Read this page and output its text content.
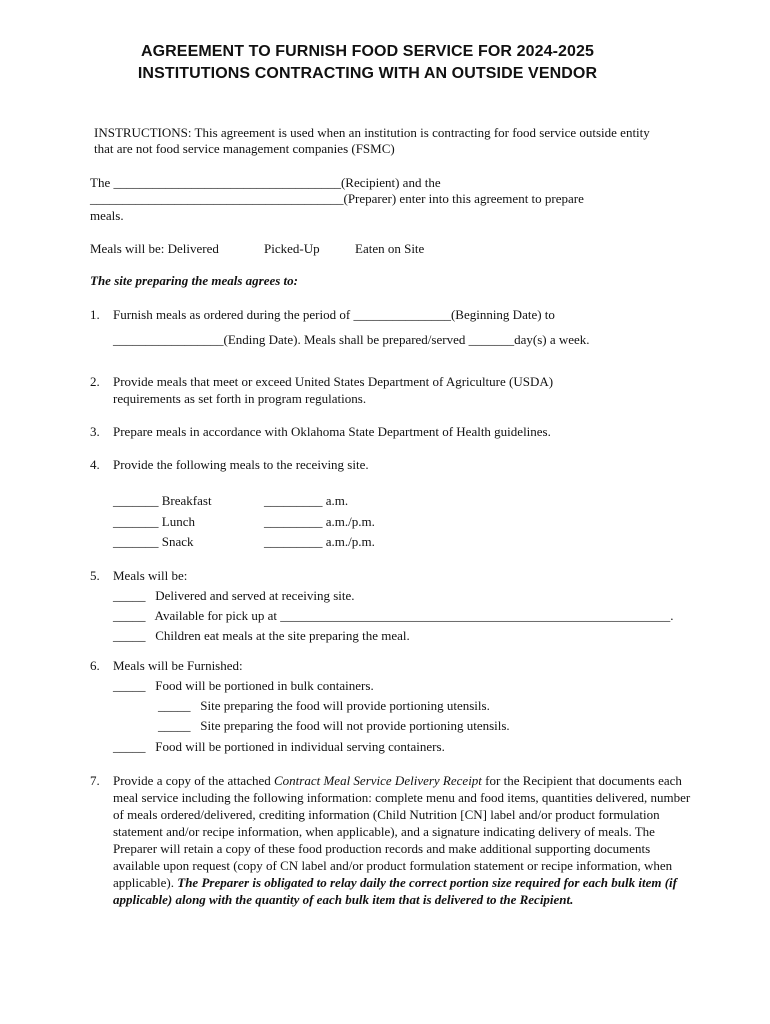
AGREEMENT TO FURNISH FOOD SERVICE FOR 2024-2025
INSTITUTIONS CONTRACTING WITH AN OUTSIDE VENDOR
INSTRUCTIONS: This agreement is used when an institution is contracting for food service outside entity
that are not food service management companies (FSMC)
The ___________________________________(Recipient) and the
_______________________________________(Preparer) enter into this agreement to prepare
meals.
Meals will be: Delivered	Picked-Up	Eaten on Site
The site preparing the meals agrees to:
1. Furnish meals as ordered during the period of _______________(Beginning Date) to
_________________(Ending Date). Meals shall be prepared/served _______day(s) a week.
2. Provide meals that meet or exceed United States Department of Agriculture (USDA)
requirements as set forth in program regulations.
3. Prepare meals in accordance with Oklahoma State Department of Health guidelines.
4. Provide the following meals to the receiving site.
_______ Breakfast	_________ a.m.
_______ Lunch	_________ a.m./p.m.
_______ Snack	_________ a.m./p.m.
5. Meals will be:
_____   Delivered and served at receiving site.
_____   Available for pick up at ____________________________________________________________.
_____   Children eat meals at the site preparing the meal.
6. Meals will be Furnished:
_____   Food will be portioned in bulk containers.
_____   Site preparing the food will provide portioning utensils.
_____   Site preparing the food will not provide portioning utensils.
_____   Food will be portioned in individual serving containers.
7. Provide a copy of the attached Contract Meal Service Delivery Receipt for the Recipient that documents each meal service including the following information: complete menu and food items, quantities delivered, number of meals ordered/delivered, crediting information (Child Nutrition [CN] label and/or product formulation statement and/or recipe information, when applicable), and a signature indicating delivery of meals. The Preparer will retain a copy of these food production records and make additional supporting documents available upon request (copy of CN label and/or product formulation statement or recipe information, when applicable). The Preparer is obligated to relay daily the correct portion size required for each bulk item (if applicable) along with the quantity of each bulk item that is delivered to the Recipient.
